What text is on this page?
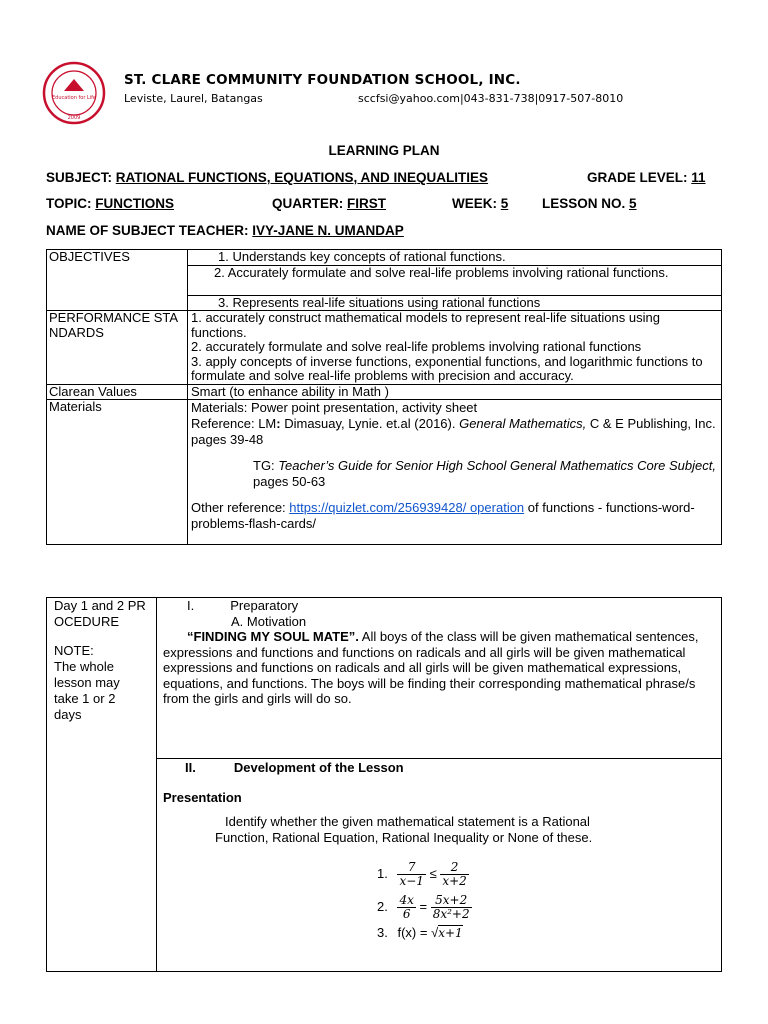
Education for Life
2009
ST. CLARE COMMUNITY FOUNDATION SCHOOL, INC.
Leviste, Laurel, Batangas	sccfsi@yahoo.com|043-831-738|0917-507-8010
LEARNING PLAN
SUBJECT: RATIONAL FUNCTIONS, EQUATIONS, AND INEQUALITIES	GRADE LEVEL: 11
TOPIC: FUNCTIONS	QUARTER: FIRST	WEEK: 5 LESSON NO. 5
NAME OF SUBJECT TEACHER: IVY-JANE N. UMANDAP
OBJECTIVES	1. Understands key concepts of rational functions.
	2. Accurately formulate and solve real-life problems involving rational functions.
	3. Represents real-life situations using rational functions
PERFORMANCE STANDARDS	1. accurately construct mathematical models to represent real-life situations using functions.
2. accurately formulate and solve real-life problems involving rational functions
3. apply concepts of inverse functions, exponential functions, and logarithmic functions to formulate and solve real-life problems with precision and accuracy.

Clarean Values	Smart (to enhance ability in Math )
Materials	Materials: Power point presentation, activity sheet
Reference: LM: Dimasuay, Lynie. et.al (2016). General Mathematics, C & E Publishing, Inc. pages 39-48
TG: Teacher’s Guide for Senior High School General Mathematics Core Subject, pages 50-63
Other reference: https://quizlet.com/256939428/ operation of functions - functions-word-problems-flash-cards/
Day 1 and 2 PROCEDURE
NOTE:
The whole lesson may take 1 or 2 days

I.	Preparatory
A. Motivation
“FINDING MY SOUL MATE”. All boys of the class will be given mathematical sentences, expressions and functions and functions on radicals and all girls will be given mathematical expressions and functions on radicals and all girls will be given mathematical expressions, equations, and functions. The boys will be finding their corresponding mathematical phrase/s from the girls and girls will do so.

II.	Development of the Lesson
Presentation
Identify whether the given mathematical statement is a Rational
Function, Rational Equation, Rational Inequality or None of these.
1. $\frac{7}{x-1} \le \frac{2}{x+2}$
2. $\frac{4x}{6} = \frac{5x+2}{\text{8x²+2}}$
3. f(x) = √x+1
